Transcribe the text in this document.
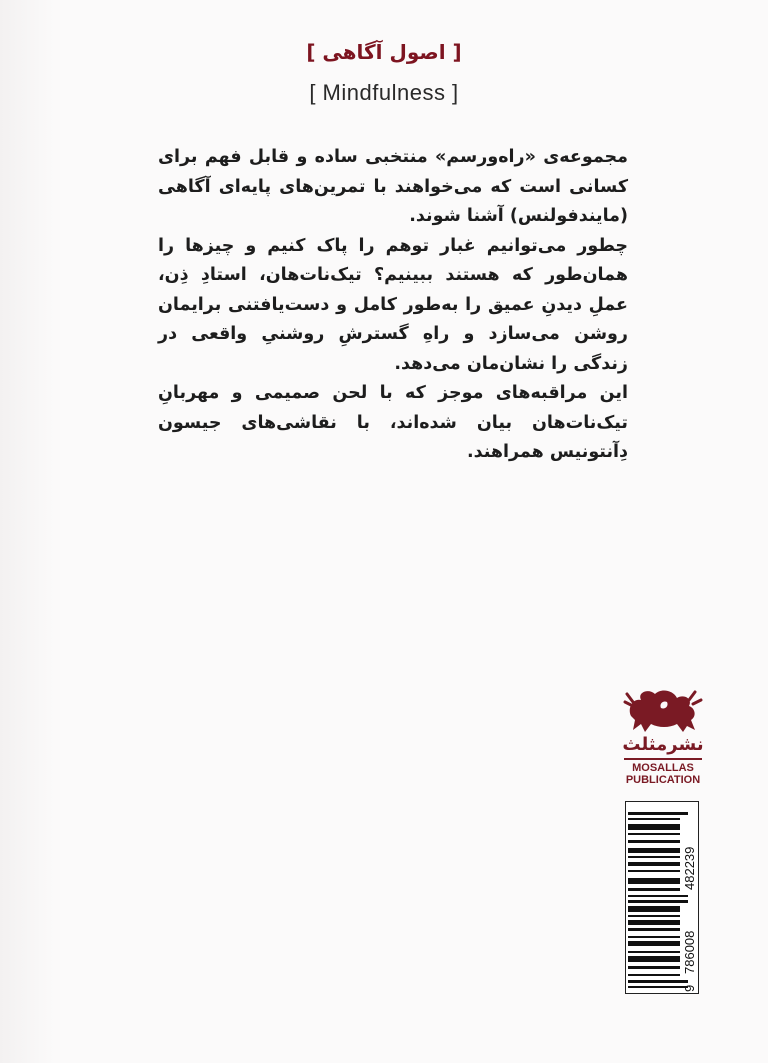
[ اصول آگاهی ]
[ Mindfulness ]

مجموعه‌ی «راه‌ورسم» منتخبی ساده و قابل فهم برای کسانی است که می‌خواهند با تمرین‌های پایه‌ای آگاهی (مایندفولنس) آشنا شوند.

چطور می‌توانیم غبار توهم را پاک کنیم و چیزها را همان‌طور که هستند ببینیم؟ تیک‌نات‌هان، استادِ ذِن، عملِ دیدنِ عمیق را به‌طور کامل و دست‌یافتنی برایمان روشن می‌سازد و راهِ گسترشِ روشنیِ واقعی در زندگی را نشان‌مان می‌دهد.

این مراقبه‌های موجز که با لحن صمیمی و مهربانِ تیک‌نات‌هان بیان شده‌اند، با نقاشی‌های جیسون دِآنتونیس همراهند.

نشرمثلث
MOSALLAS
PUBLICATION
9
786008
482239
